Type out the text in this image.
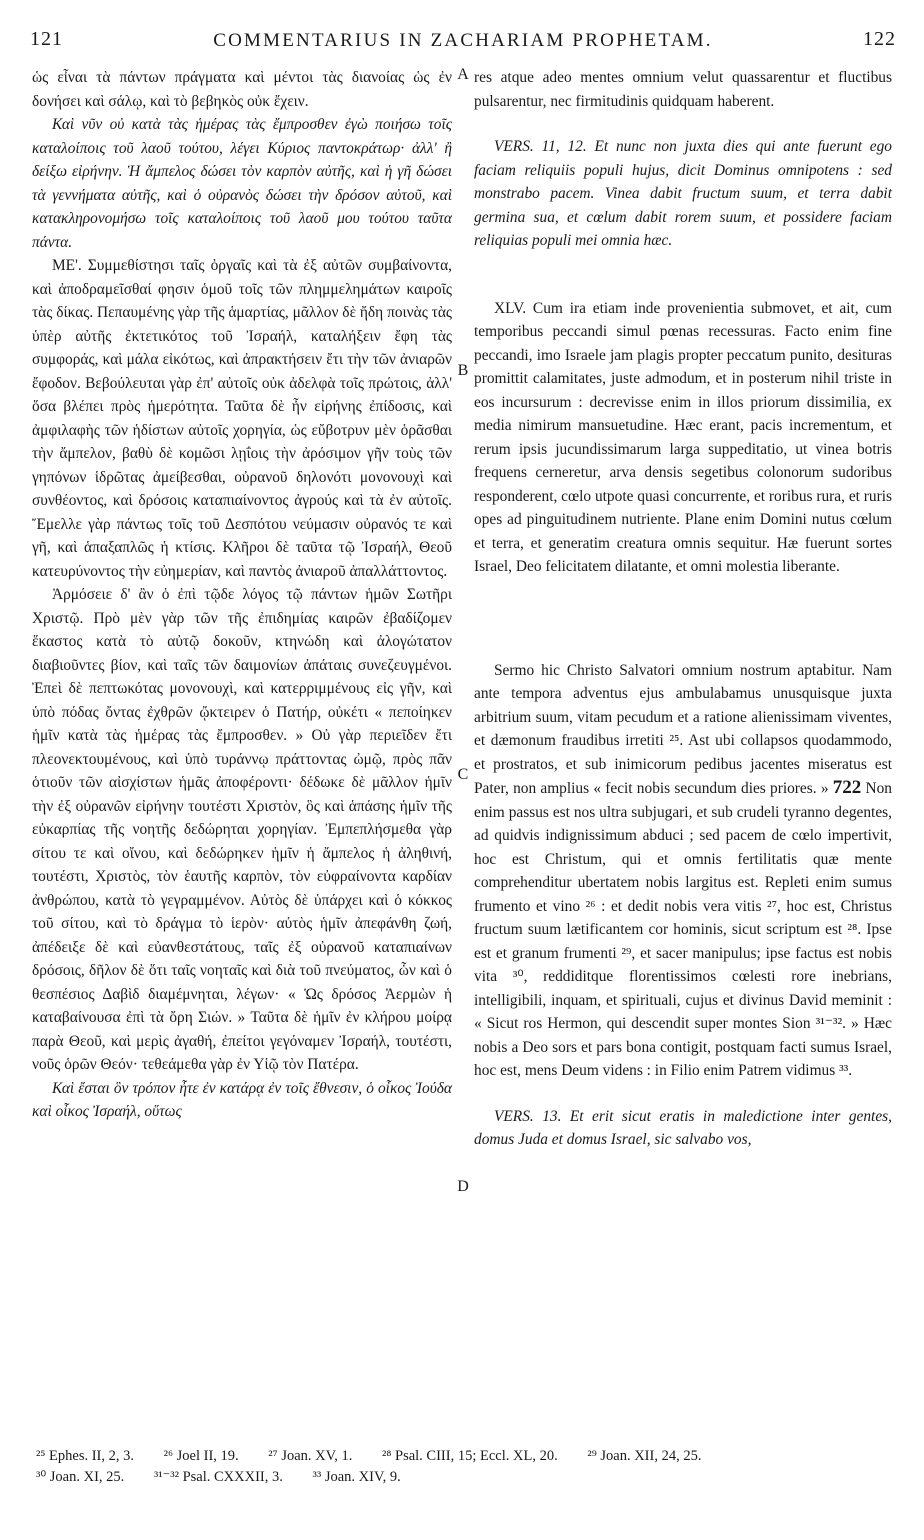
121	COMMENTARIUS IN ZACHARIAM PROPHETAM.	122

ὡς εἶναι τὰ πάντων πράγματα καὶ μέντοι τὰς διανοίας ὡς ἐν δονήσει καὶ σάλῳ, καὶ τὸ βεβηκὸς οὐκ ἔχειν.

Καὶ νῦν οὐ κατὰ τὰς ἡμέρας τὰς ἔμπροσθεν ἐγὼ ποιήσω τοῖς καταλοίποις τοῦ λαοῦ τούτου, λέγει Κύριος παντοκράτωρ· ἀλλ' ἢ δείξω εἰρήνην. Ἡ ἄμπελος δώσει τὸν καρπὸν αὐτῆς, καὶ ἡ γῆ δώσει τὰ γεννήματα αὐτῆς, καὶ ὁ οὐρανὸς δώσει τὴν δρόσον αὐτοῦ, καὶ κατακληρονομήσω τοῖς καταλοίποις τοῦ λαοῦ μου τούτου ταῦτα πάντα.

ΜΕ'. Συμμεθίστησι ταῖς ὀργαῖς καὶ τὰ ἐξ αὐτῶν συμβαίνοντα, καὶ ἀποδραμεῖσθαί φησιν ὁμοῦ τοῖς τῶν πλημμελημάτων καιροῖς τὰς δίκας. Πεπαυμένης γὰρ τῆς ἁμαρτίας, μᾶλλον δὲ ἤδη ποινὰς τὰς ὑπὲρ αὐτῆς ἐκτετικότος τοῦ Ἰσραήλ, καταλήξειν ἔφη τὰς συμφοράς, καὶ μάλα εἰκότως, καὶ ἀπρακτήσειν ἔτι τὴν τῶν ἀνιαρῶν ἔφοδον. Βεβούλευται γὰρ ἐπ' αὐτοῖς οὐκ ἀδελφὰ τοῖς πρώτοις, ἀλλ' ὅσα βλέπει πρὸς ἡμερότητα. Ταῦτα δὲ ἦν εἰρήνης ἐπίδοσις, καὶ ἀμφιλαφὴς τῶν ἡδίστων αὐτοῖς χορηγία, ὡς εὔβοτρυν μὲν ὁρᾶσθαι τὴν ἄμπελον, βαθὺ δὲ κομῶσι λῃΐοις τὴν ἀρόσιμον γῆν τοὺς τῶν γηπόνων ἱδρῶτας ἀμείβεσθαι, οὐρανοῦ δηλονότι μονονουχὶ καὶ συνθέοντος, καὶ δρόσοις καταπιαίνοντος ἀγρούς καὶ τὰ ἐν αὐτοῖς. Ἔμελλε γὰρ πάντως τοῖς τοῦ Δεσπότου νεύμασιν οὐρανός τε καὶ γῆ, καὶ ἁπαξαπλῶς ἡ κτίσις. Κλῆροι δὲ ταῦτα τῷ Ἰσραήλ, Θεοῦ κατευρύνοντος τὴν εὐημερίαν, καὶ παντὸς ἀνιαροῦ ἀπαλλάττοντος.

Ἁρμόσειε δ' ἂν ὁ ἐπὶ τῷδε λόγος τῷ πάντων ἡμῶν Σωτῆρι Χριστῷ. Πρὸ μὲν γὰρ τῶν τῆς ἐπιδημίας καιρῶν ἐβαδίζομεν ἕκαστος κατὰ τὸ αὐτῷ δοκοῦν, κτηνώδη καὶ ἀλογώτατον διαβιοῦντες βίον, καὶ ταῖς τῶν δαιμονίων ἀπάταις συνεζευγμένοι. Ἐπεὶ δὲ πεπτωκότας μονονουχὶ, καὶ κατερριμμένους εἰς γῆν, καὶ ὑπὸ πόδας ὄντας ἐχθρῶν ᾤκτειρεν ὁ Πατήρ, οὐκέτι « πεποίηκεν ἡμῖν κατὰ τὰς ἡμέρας τὰς ἔμπροσθεν. » Οὐ γὰρ περιεῖδεν ἔτι πλεονεκτουμένους, καὶ ὑπὸ τυράννῳ πράττοντας ὠμῷ, πρὸς πᾶν ὁτιοῦν τῶν αἰσχίστων ἡμᾶς ἀποφέροντι· δέδωκε δὲ μᾶλλον ἡμῖν τὴν ἐξ οὐρανῶν εἰρήνην τουτέστι Χριστὸν, ὃς καὶ ἁπάσης ἡμῖν τῆς εὐκαρπίας τῆς νοητῆς δεδώρηται χορηγίαν. Ἐμπεπλήσμεθα γὰρ σίτου τε καὶ οἴνου, καὶ δεδώρηκεν ἡμῖν ἡ ἄμπελος ἡ ἀληθινή, τουτέστι, Χριστὸς, τὸν ἑαυτῆς καρπὸν, τὸν εὐφραίνοντα καρδίαν ἀνθρώπου, κατὰ τὸ γεγραμμένον. Αὐτὸς δὲ ὑπάρχει καὶ ὁ κόκκος τοῦ σίτου, καὶ τὸ δράγμα τὸ ἱερὸν· αὐτὸς ἡμῖν ἀπεφάνθη ζωή, ἀπέδειξε δὲ καὶ εὐανθεστάτους, ταῖς ἐξ οὐρανοῦ καταπιαίνων δρόσοις, δῆλον δὲ ὅτι ταῖς νοηταῖς καὶ διὰ τοῦ πνεύματος, ὧν καὶ ὁ θεσπέσιος Δαβὶδ διαμέμνηται, λέγων· « Ὡς δρόσος Ἀερμὼν ἡ καταβαίνουσα ἐπὶ τὰ ὄρη Σιών. » Ταῦτα δὲ ἡμῖν ἐν κλήρου μοίρᾳ παρὰ Θεοῦ, καὶ μερὶς ἀγαθή, ἐπείτοι γεγόναμεν Ἰσραήλ, τουτέστι, νοῦς ὁρῶν Θεόν· τεθεάμεθα γὰρ ἐν Υἱῷ τὸν Πατέρα.

Καὶ ἔσται ὃν τρόπον ἦτε ἐν κατάρᾳ ἐν τοῖς ἔθνεσιν, ὁ οἶκος Ἰούδα καὶ οἶκος Ἰσραήλ, οὕτως

A
B
C
D

res atque adeo mentes omnium velut quassarentur et fluctibus pulsarentur, nec firmitudinis quidquam haberent.

VERS. 11, 12. Et nunc non juxta dies qui ante fuerunt ego faciam reliquiis populi hujus, dicit Dominus omnipotens : sed monstrabo pacem. Vinea dabit fructum suum, et terra dabit germina sua, et cœlum dabit rorem suum, et possidere faciam reliquias populi mei omnia hæc.

XLV. Cum ira etiam inde provenientia submovet, et ait, cum temporibus peccandi simul pœnas recessuras. Facto enim fine peccandi, imo Israele jam plagis propter peccatum punito, desituras promittit calamitates, juste admodum, et in posterum nihil triste in eos incursurum : decrevisse enim in illos priorum dissimilia, ex media nimirum mansuetudine. Hæc erant, pacis incrementum, et rerum ipsis jucundissimarum larga suppeditatio, ut vinea botris frequens cerneretur, arva densis segetibus colonorum sudoribus responderent, cœlo utpote quasi concurrente, et roribus rura, et ruris opes ad pinguitudinem nutriente. Plane enim Domini nutus cœlum et terra, et generatim creatura omnis sequitur. Hæ fuerunt sortes Israel, Deo felicitatem dilatante, et omni molestia liberante.

Sermo hic Christo Salvatori omnium nostrum aptabitur. Nam ante tempora adventus ejus ambulabamus unusquisque juxta arbitrium suum, vitam pecudum et a ratione alienissimam viventes, et dæmonum fraudibus irretiti ²⁵. Ast ubi collapsos quodammodo, et prostratos, et sub inimicorum pedibus jacentes miseratus est Pater, non amplius « fecit nobis secundum dies priores. » 722 Non enim passus est nos ultra subjugari, et sub crudeli tyranno degentes, ad quidvis indignissimum abduci ; sed pacem de cœlo impertivit, hoc est Christum, qui et omnis fertilitatis quæ mente comprehenditur ubertatem nobis largitus est. Repleti enim sumus frumento et vino ²⁶ : et dedit nobis vera vitis ²⁷, hoc est, Christus fructum suum lætificantem cor hominis, sicut scriptum est ²⁸. Ipse est et granum frumenti ²⁹, et sacer manipulus; ipse factus est nobis vita ³⁰, reddiditque florentissimos cœlesti rore inebrians, intelligibili, inquam, et spirituali, cujus et divinus David meminit : « Sicut ros Hermon, qui descendit super montes Sion ³¹⁻³². » Hæc nobis a Deo sors et pars bona contigit, postquam facti sumus Israel, hoc est, mens Deum videns : in Filio enim Patrem vidimus ³³.

VERS. 13. Et erit sicut eratis in maledictione inter gentes, domus Juda et domus Israel, sic salvabo vos,

²⁵ Ephes. II, 2, 3. ²⁶ Joel II, 19. ²⁷ Joan. XV, 1. ²⁸ Psal. CIII, 15; Eccl. XL, 20. ²⁹ Joan. XII, 24, 25.
³⁰ Joan. XI, 25. ³¹⁻³² Psal. CXXXII, 3. ³³ Joan. XIV, 9.
